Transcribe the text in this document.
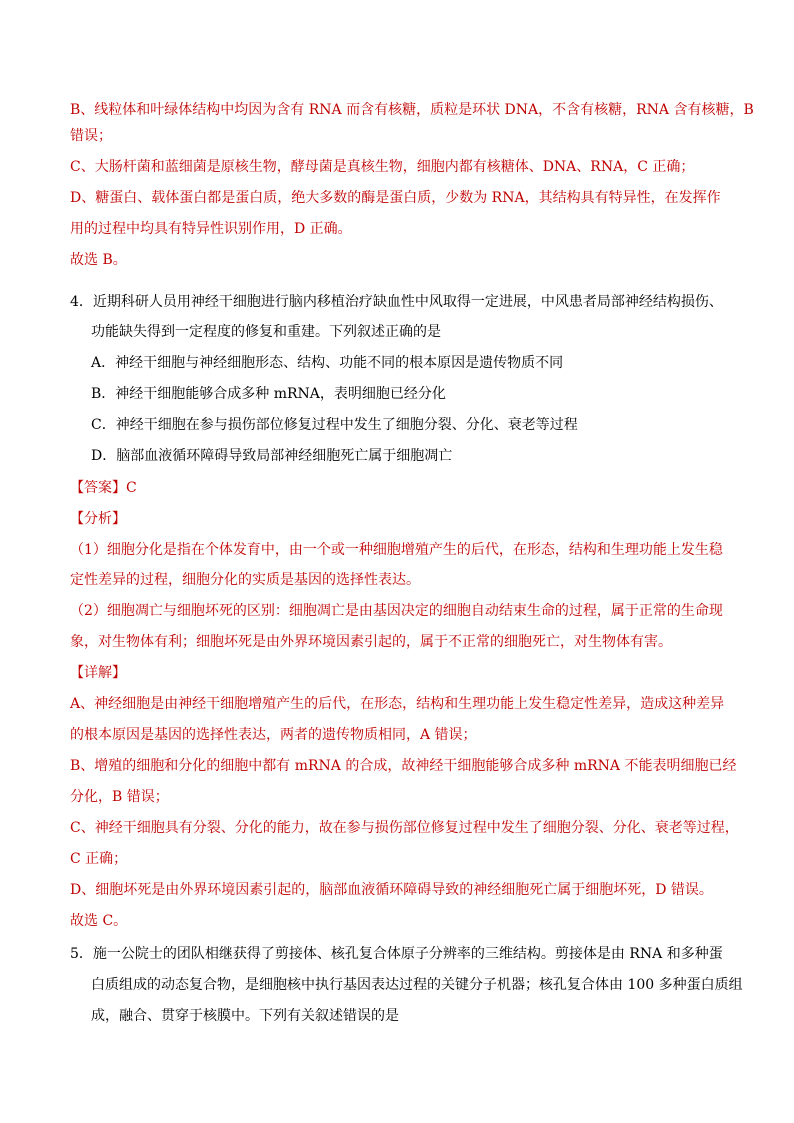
B、线粒体和叶绿体结构中均因为含有 RNA 而含有核糖，质粒是环状 DNA，不含有核糖，RNA 含有核糖，B
错误；
C、大肠杆菌和蓝细菌是原核生物，酵母菌是真核生物，细胞内都有核糖体、DNA、RNA，C 正确；
D、糖蛋白、载体蛋白都是蛋白质，绝大多数的酶是蛋白质，少数为 RNA，其结构具有特异性，在发挥作
用的过程中均具有特异性识别作用，D 正确。
故选 B。
4．近期科研人员用神经干细胞进行脑内移植治疗缺血性中风取得一定进展，中风患者局部神经结构损伤、
功能缺失得到一定程度的修复和重建。下列叙述正确的是
A．神经干细胞与神经细胞形态、结构、功能不同的根本原因是遗传物质不同
B．神经干细胞能够合成多种 mRNA，表明细胞已经分化
C．神经干细胞在参与损伤部位修复过程中发生了细胞分裂、分化、衰老等过程
D．脑部血液循环障碍导致局部神经细胞死亡属于细胞凋亡
【答案】C
【分析】
（1）细胞分化是指在个体发育中，由一个或一种细胞增殖产生的后代，在形态，结构和生理功能上发生稳
定性差异的过程，细胞分化的实质是基因的选择性表达。
（2）细胞凋亡与细胞坏死的区别：细胞凋亡是由基因决定的细胞自动结束生命的过程，属于正常的生命现
象，对生物体有利；细胞坏死是由外界环境因素引起的，属于不正常的细胞死亡，对生物体有害。
【详解】
A、神经细胞是由神经干细胞增殖产生的后代，在形态，结构和生理功能上发生稳定性差异，造成这种差异
的根本原因是基因的选择性表达，两者的遗传物质相同，A 错误；
B、增殖的细胞和分化的细胞中都有 mRNA 的合成，故神经干细胞能够合成多种 mRNA 不能表明细胞已经
分化，B 错误；
C、神经干细胞具有分裂、分化的能力，故在参与损伤部位修复过程中发生了细胞分裂、分化、衰老等过程，
C 正确；
D、细胞坏死是由外界环境因素引起的，脑部血液循环障碍导致的神经细胞死亡属于细胞坏死，D 错误。
故选 C。
5．施一公院士的团队相继获得了剪接体、核孔复合体原子分辨率的三维结构。剪接体是由 RNA 和多种蛋
白质组成的动态复合物，是细胞核中执行基因表达过程的关键分子机器；核孔复合体由 100 多种蛋白质组
成，融合、贯穿于核膜中。下列有关叙述错误的是
